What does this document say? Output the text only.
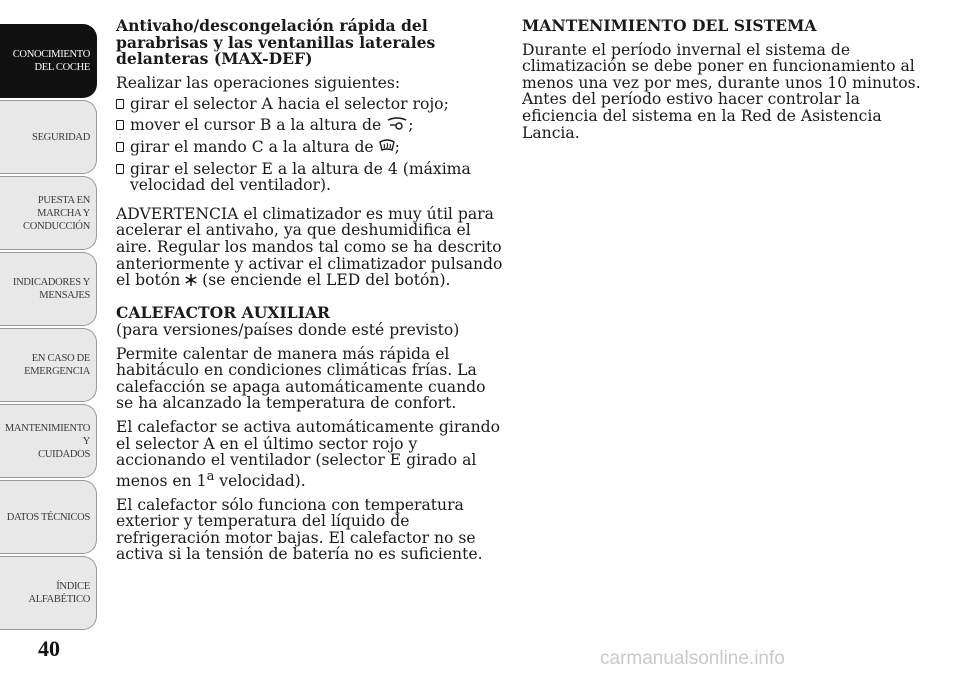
CONOCIMIENTO
DEL COCHE
SEGURIDAD
PUESTA EN
MARCHA Y
CONDUCCIÓN
INDICADORES Y
MENSAJES
EN CASO DE
EMERGENCIA
MANTENIMIENTO Y
CUIDADOS
DATOS TÉCNICOS
ÍNDICE
ALFABÉTICO
40

Antivaho/descongelación rápida del parabrisas y las ventanillas laterales delanteras (MAX-DEF)

Realizar las operaciones siguientes:

girar el selector A hacia el selector rojo;
mover el cursor B a la altura de ;
girar el mando C a la altura de ;
girar el selector E a la altura de 4 (máxima velocidad del ventilador).

ADVERTENCIA el climatizador es muy útil para acelerar el antivaho, ya que deshumidifica el aire. Regular los mandos tal como se ha descrito anteriormente y activar el climatizador pulsando el botón  (se enciende el LED del botón).

CALEFACTOR AUXILIAR

(para versiones/países donde esté previsto)

Permite calentar de manera más rápida el habitáculo en condiciones climáticas frías. La calefacción se apaga automáticamente cuando se ha alcanzado la temperatura de confort.

El calefactor se activa automáticamente girando el selector A en el último sector rojo y accionando el ventilador (selector E girado al menos en 1$^a$ velocidad).

El calefactor sólo funciona con temperatura exterior y temperatura del líquido de refrigeración motor bajas. El calefactor no se activa si la tensión de batería no es suficiente.

MANTENIMIENTO DEL SISTEMA

Durante el período invernal el sistema de climatización se debe poner en funcionamiento al menos una vez por mes, durante unos 10 minutos. Antes del período estivo hacer controlar la eficiencia del sistema en la Red de Asistencia Lancia.

carmanualsonline.info
